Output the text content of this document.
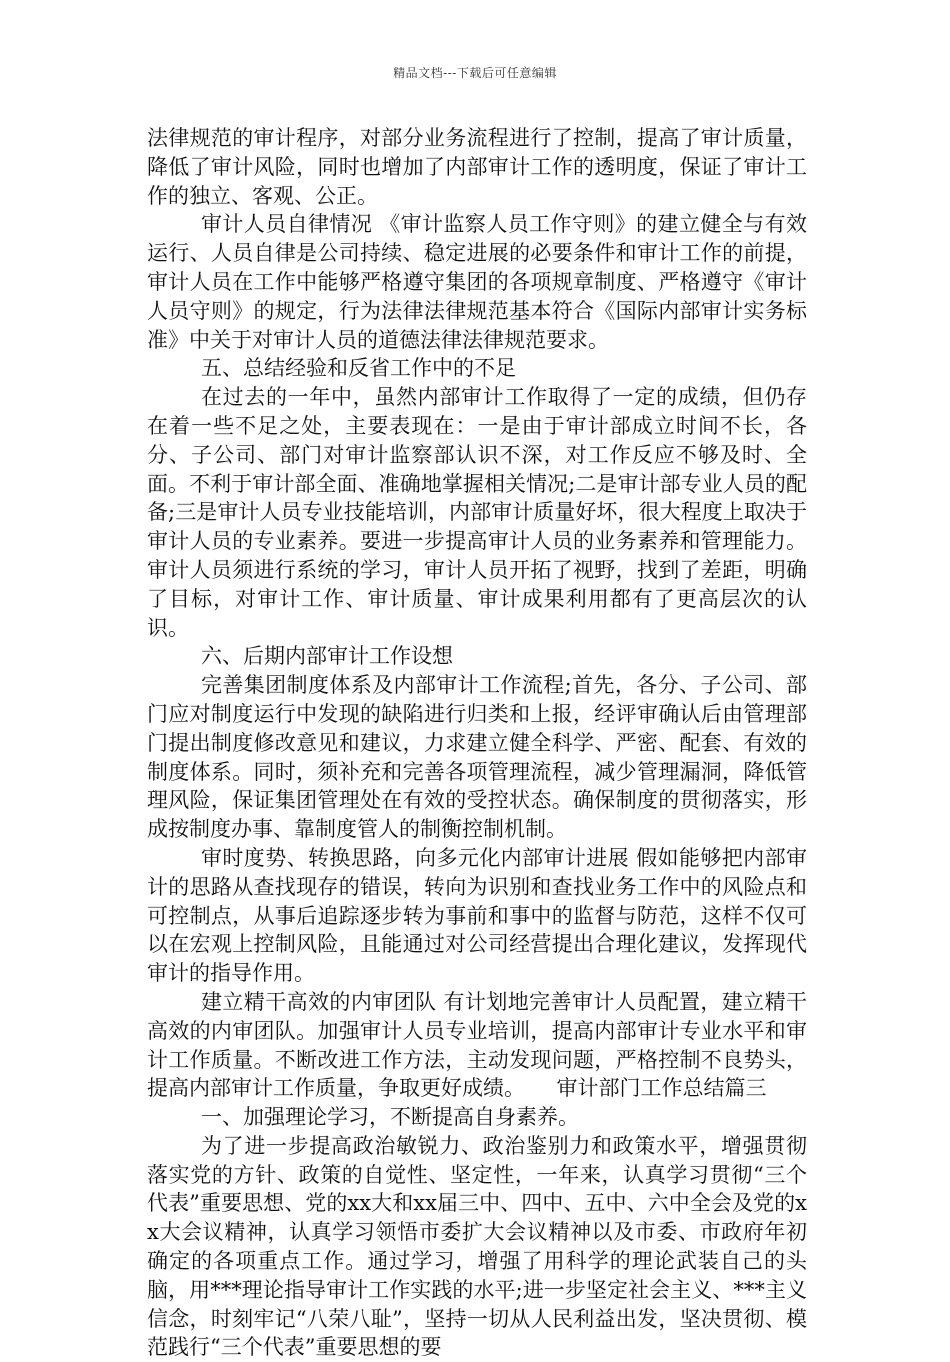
精品文档---下载后可任意编辑

法律规范的审计程序，对部分业务流程进行了控制，提高了审计质量，降低了审计风险，同时也增加了内部审计工作的透明度，保证了审计工作的独立、客观、公正。

审计人员自律情况 《审计监察人员工作守则》的建立健全与有效运行、人员自律是公司持续、稳定进展的必要条件和审计工作的前提，审计人员在工作中能够严格遵守集团的各项规章制度、严格遵守《审计人员守则》的规定，行为法律法律规范基本符合《国际内部审计实务标准》中关于对审计人员的道德法律法律规范要求。

五、总结经验和反省工作中的不足

在过去的一年中，虽然内部审计工作取得了一定的成绩，但仍存在着一些不足之处，主要表现在：一是由于审计部成立时间不长，各分、子公司、部门对审计监察部认识不深，对工作反应不够及时、全面。不利于审计部全面、准确地掌握相关情况;二是审计部专业人员的配备;三是审计人员专业技能培训，内部审计质量好坏，很大程度上取决于审计人员的专业素养。要进一步提高审计人员的业务素养和管理能力。审计人员须进行系统的学习，审计人员开拓了视野，找到了差距，明确了目标，对审计工作、审计质量、审计成果利用都有了更高层次的认识。

六、后期内部审计工作设想

完善集团制度体系及内部审计工作流程;首先，各分、子公司、部门应对制度运行中发现的缺陷进行归类和上报，经评审确认后由管理部门提出制度修改意见和建议，力求建立健全科学、严密、配套、有效的制度体系。同时，须补充和完善各项管理流程，减少管理漏洞，降低管理风险，保证集团管理处在有效的受控状态。确保制度的贯彻落实，形成按制度办事、靠制度管人的制衡控制机制。

审时度势、转换思路，向多元化内部审计进展 假如能够把内部审计的思路从查找现存的错误，转向为识别和查找业务工作中的风险点和可控制点，从事后追踪逐步转为事前和事中的监督与防范，这样不仅可以在宏观上控制风险，且能通过对公司经营提出合理化建议，发挥现代审计的指导作用。

建立精干高效的内审团队 有计划地完善审计人员配置，建立精干高效的内审团队。加强审计人员专业培训，提高内部审计专业水平和审计工作质量。不断改进工作方法，主动发现问题，严格控制不良势头，提高内部审计工作质量，争取更好成绩。　　审计部门工作总结篇三

一、加强理论学习，不断提高自身素养。

为了进一步提高政治敏锐力、政治鉴别力和政策水平，增强贯彻落实党的方针、政策的自觉性、坚定性，一年来，认真学习贯彻“三个代表”重要思想、党的xx大和xx届三中、四中、五中、六中全会及党的xx大会议精神，认真学习领悟市委扩大会议精神以及市委、市政府年初确定的各项重点工作。通过学习，增强了用科学的理论武装自己的头脑，用***理论指导审计工作实践的水平;进一步坚定社会主义、***主义信念，时刻牢记“八荣八耻”，坚持一切从人民利益出发，坚决贯彻、模范践行“三个代表”重要思想的要
